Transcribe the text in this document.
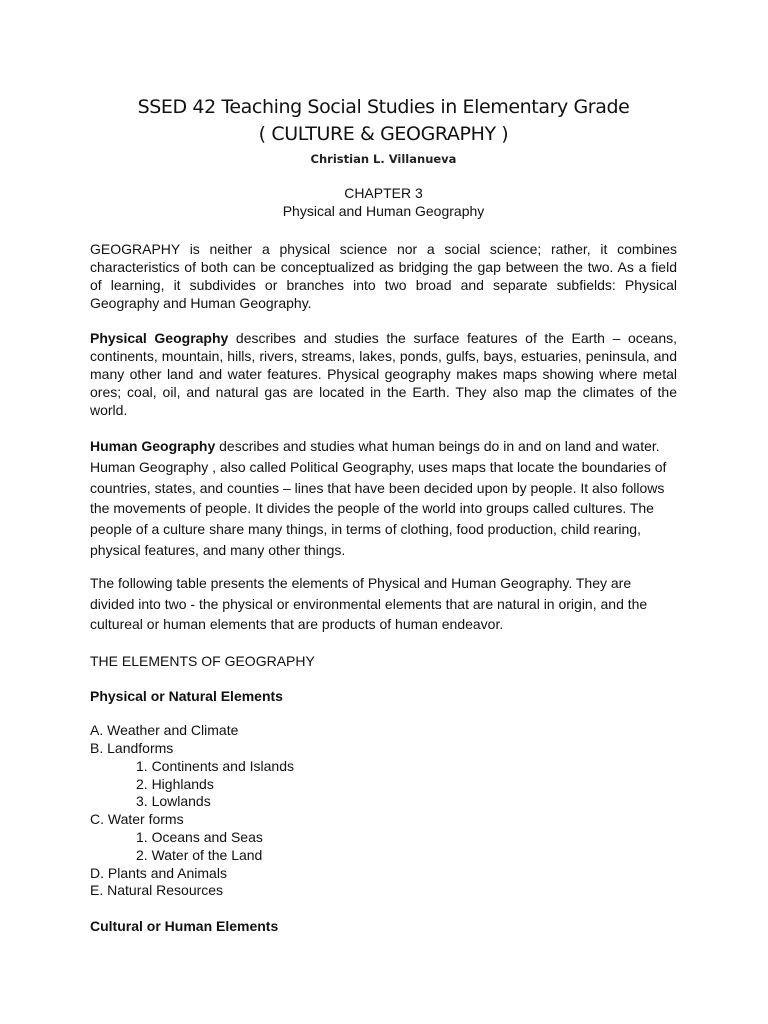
SSED 42 Teaching Social Studies in Elementary Grade
( CULTURE & GEOGRAPHY )
Christian L. Villanueva
CHAPTER 3
Physical and Human Geography

GEOGRAPHY is neither a physical science nor a social science; rather, it combines characteristics of both can be conceptualized as bridging the gap between the two. As a field of learning, it subdivides or branches into two broad and separate subfields: Physical Geography and Human Geography.

Physical Geography describes and studies the surface features of the Earth – oceans, continents, mountain, hills, rivers, streams, lakes, ponds, gulfs, bays, estuaries, peninsula, and many other land and water features. Physical geography makes maps showing where metal ores; coal, oil, and natural gas are located in the Earth. They also map the climates of the world.

Human Geography describes and studies what human beings do in and on land and water. Human Geography , also called Political Geography, uses maps that locate the boundaries of countries, states, and counties – lines that have been decided upon by people. It also follows the movements of people. It divides the people of the world into groups called cultures. The people of a culture share many things, in terms of clothing, food production, child rearing, physical features, and many other things.

The following table presents the elements of Physical and Human Geography. They are divided into two - the physical or environmental elements that are natural in origin, and the cultureal or human elements that are products of human endeavor.

THE ELEMENTS OF GEOGRAPHY
Physical or Natural Elements
A. Weather and Climate
B. Landforms
1. Continents and Islands
2. Highlands
3. Lowlands
C. Water forms
1. Oceans and Seas
2. Water of the Land
D. Plants and Animals
E. Natural Resources
Cultural or Human Elements
